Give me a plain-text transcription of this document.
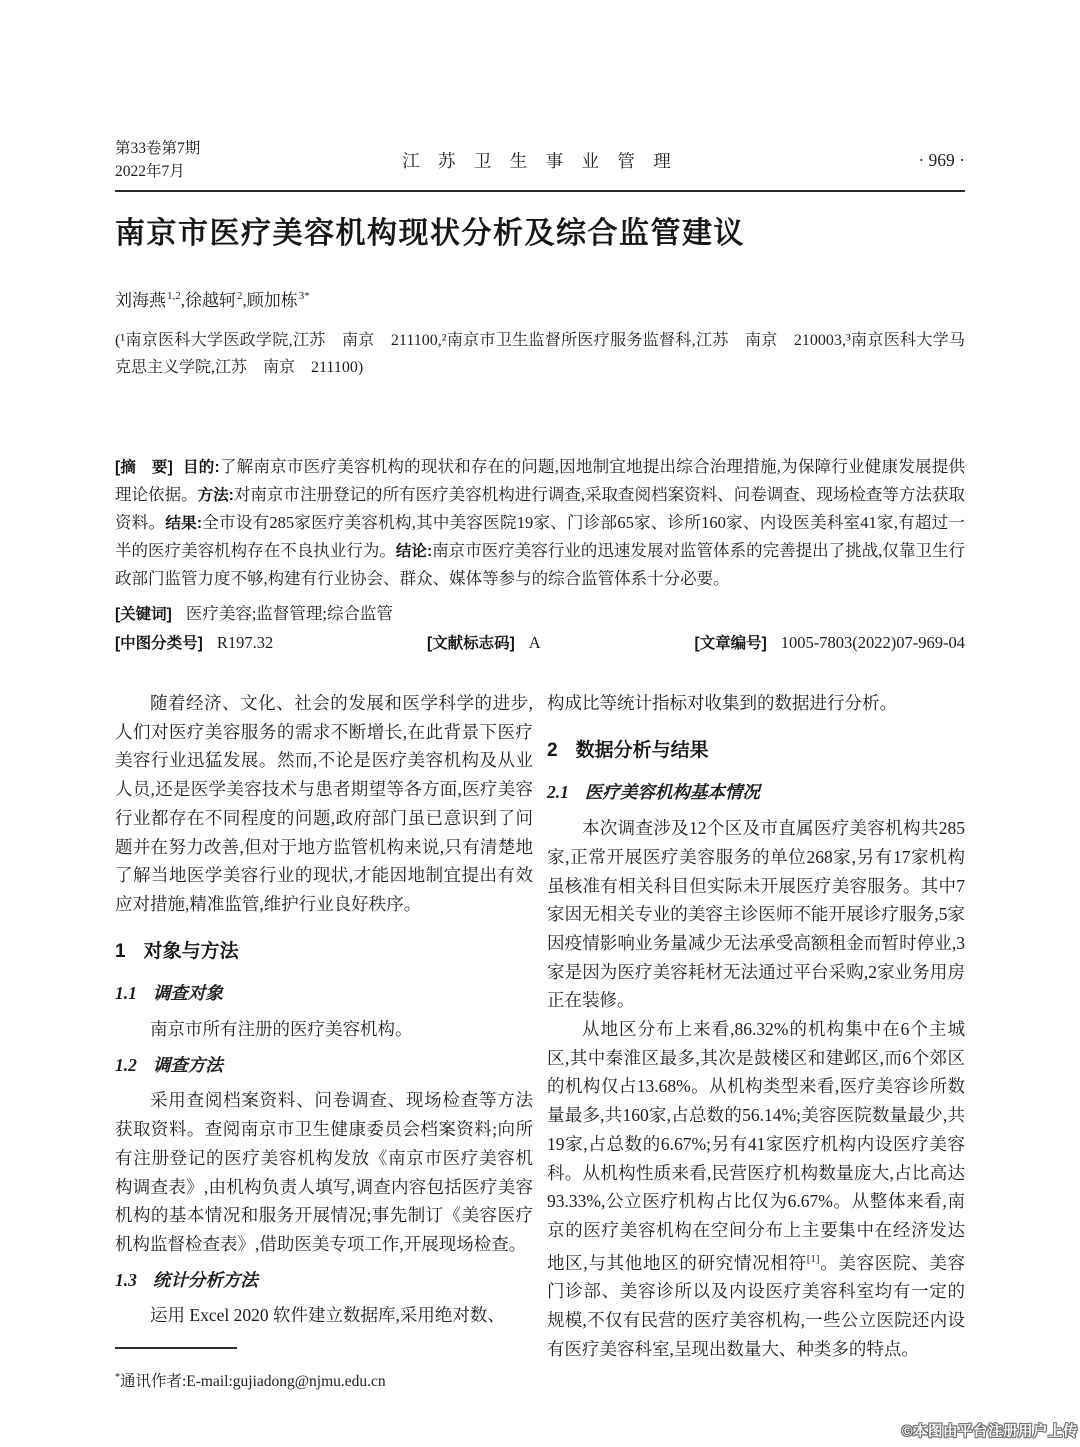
第33卷第7期
2022年7月
江 苏 卫 生 事 业 管 理	· 969 ·
南京市医疗美容机构现状分析及综合监管建议
刘海燕$^{1,2}$,徐越轲$^2$,顾加栋$^{3*}$
(¹南京医科大学医政学院,江苏　南京　211100,²南京市卫生监督所医疗服务监督科,江苏　南京　210003,³南京医科大学马克思主义学院,江苏　南京　211100)

[摘　要] 目的:了解南京市医疗美容机构的现状和存在的问题,因地制宜地提出综合治理措施,为保障行业健康发展提供理论依据。方法:对南京市注册登记的所有医疗美容机构进行调查,采取查阅档案资料、问卷调查、现场检查等方法获取资料。结果:全市设有285家医疗美容机构,其中美容医院19家、门诊部65家、诊所160家、内设医美科室41家,有超过一半的医疗美容机构存在不良执业行为。结论:南京市医疗美容行业的迅速发展对监管体系的完善提出了挑战,仅靠卫生行政部门监管力度不够,构建有行业协会、群众、媒体等参与的综合监管体系十分必要。

[关键词] 医疗美容;监督管理;综合监管

[中图分类号] R197.32	[文献标志码] A	[文章编号] 1005-7803(2022)07-969-04

随着经济、文化、社会的发展和医学科学的进步,人们对医疗美容服务的需求不断增长,在此背景下医疗美容行业迅猛发展。然而,不论是医疗美容机构及从业人员,还是医学美容技术与患者期望等各方面,医疗美容行业都存在不同程度的问题,政府部门虽已意识到了问题并在努力改善,但对于地方监管机构来说,只有清楚地了解当地医学美容行业的现状,才能因地制宜提出有效应对措施,精准监管,维护行业良好秩序。

1 对象与方法
1.1 调查对象

南京市所有注册的医疗美容机构。

1.2 调查方法

采用查阅档案资料、问卷调查、现场检查等方法获取资料。查阅南京市卫生健康委员会档案资料;向所有注册登记的医疗美容机构发放《南京市医疗美容机构调查表》,由机构负责人填写,调查内容包括医疗美容机构的基本情况和服务开展情况;事先制订《美容医疗机构监督检查表》,借助医美专项工作,开展现场检查。

1.3 统计分析方法

运用 Excel 2020 软件建立数据库,采用绝对数、

*通讯作者:E-mail:gujiadong@njmu.edu.cn

构成比等统计指标对收集到的数据进行分析。

2 数据分析与结果
2.1 医疗美容机构基本情况

本次调查涉及12个区及市直属医疗美容机构共285家,正常开展医疗美容服务的单位268家,另有17家机构虽核准有相关科目但实际未开展医疗美容服务。其中7家因无相关专业的美容主诊医师不能开展诊疗服务,5家因疫情影响业务量减少无法承受高额租金而暂时停业,3家是因为医疗美容耗材无法通过平台采购,2家业务用房正在装修。

从地区分布上来看,86.32%的机构集中在6个主城区,其中秦淮区最多,其次是鼓楼区和建邺区,而6个郊区的机构仅占13.68%。从机构类型来看,医疗美容诊所数量最多,共160家,占总数的56.14%;美容医院数量最少,共19家,占总数的6.67%;另有41家医疗机构内设医疗美容科。从机构性质来看,民营医疗机构数量庞大,占比高达93.33%,公立医疗机构占比仅为6.67%。从整体来看,南京的医疗美容机构在空间分布上主要集中在经济发达地区,与其他地区的研究情况相符[1]。美容医院、美容门诊部、美容诊所以及内设医疗美容科室均有一定的规模,不仅有民营的医疗美容机构,一些公立医院还内设有医疗美容科室,呈现出数量大、种类多的特点。

©本图由平台注册用户上传
